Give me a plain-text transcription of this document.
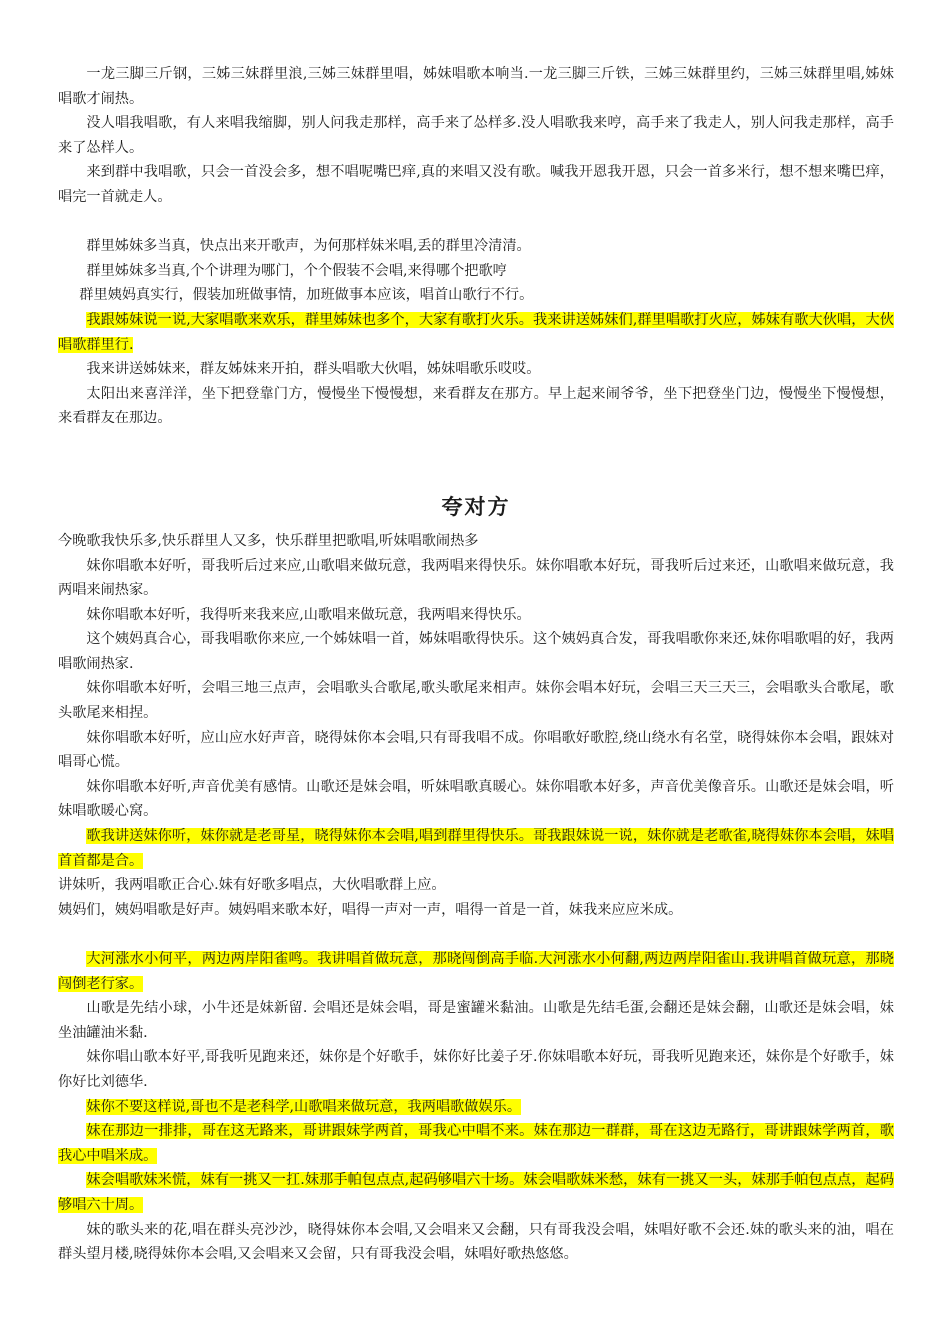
一龙三脚三斤钢，三姊三妹群里浪,三姊三妹群里唱，姊妹唱歌本响当.一龙三脚三斤铁，三姊三妹群里约，三姊三妹群里唱,姊妹唱歌才闹热。

没人唱我唱歌，有人来唱我缩脚，别人问我走那样，高手来了怂样多.没人唱歌我来哼，高手来了我走人，别人问我走那样，高手来了怂样人。

来到群中我唱歌，只会一首没会多，想不唱呢嘴巴痒,真的来唱又没有歌。喊我开恩我开恩，只会一首多米行，想不想来嘴巴痒，唱完一首就走人。

群里姊妹多当真，快点出来开歌声，为何那样妹米唱,丢的群里冷清清。

群里姊妹多当真,个个讲理为哪门，个个假装不会唱,来得哪个把歌哼

群里姨妈真实行，假装加班做事情，加班做事本应该，唱首山歌行不行。

我跟姊妹说一说,大家唱歌来欢乐，群里姊妹也多个，大家有歌打火乐。我来讲送姊妹们,群里唱歌打火应，姊妹有歌大伙唱，大伙唱歌群里行.

我来讲送姊妹来，群友姊妹来开拍，群头唱歌大伙唱，姊妹唱歌乐哎哎。

太阳出来喜洋洋，坐下把登靠门方，慢慢坐下慢慢想，来看群友在那方。早上起来闹爷爷，坐下把登坐门边，慢慢坐下慢慢想，来看群友在那边。

夸对方

今晚歌我快乐多,快乐群里人又多，快乐群里把歌唱,听妹唱歌闹热多

妹你唱歌本好听，哥我听后过来应,山歌唱来做玩意，我两唱来得快乐。妹你唱歌本好玩，哥我听后过来还，山歌唱来做玩意，我两唱来闹热家。

妹你唱歌本好听，我得听来我来应,山歌唱来做玩意，我两唱来得快乐。

这个姨妈真合心，哥我唱歌你来应,一个姊妹唱一首，姊妹唱歌得快乐。这个姨妈真合发，哥我唱歌你来还,妹你唱歌唱的好，我两唱歌闹热家.

妹你唱歌本好听，会唱三地三点声，会唱歌头合歌尾,歌头歌尾来相声。妹你会唱本好玩，会唱三天三天三，会唱歌头合歌尾，歌头歌尾来相捏。

妹你唱歌本好听，应山应水好声音，晓得妹你本会唱,只有哥我唱不成。你唱歌好歌腔,绕山绕水有名堂，晓得妹你本会唱，跟妹对唱哥心慌。

妹你唱歌本好听,声音优美有感情。山歌还是妹会唱，听妹唱歌真暖心。妹你唱歌本好多，声音优美像音乐。山歌还是妹会唱，听妹唱歌暖心窝。

歌我讲送妹你听，妹你就是老哥星，晓得妹你本会唱,唱到群里得快乐。哥我跟妹说一说，妹你就是老歌雀,晓得妹你本会唱，妹唱首首都是合。

讲妹听，我两唱歌正合心.妹有好歌多唱点，大伙唱歌群上应。

姨妈们，姨妈唱歌是好声。姨妈唱来歌本好，唱得一声对一声，唱得一首是一首，妹我来应应米成。

大河涨水小何平，两边两岸阳雀鸣。我讲唱首做玩意，那晓闯倒高手临.大河涨水小何翻,两边两岸阳雀山.我讲唱首做玩意，那晓闯倒老行家。

山歌是先结小球，小牛还是妹新留. 会唱还是妹会唱，哥是蜜罐米黏油。山歌是先结毛蛋,会翻还是妹会翻，山歌还是妹会唱，妹坐油罐油米黏.

妹你唱山歌本好平,哥我听见跑来还，妹你是个好歌手，妹你好比姜子牙.你妹唱歌本好玩，哥我听见跑来还，妹你是个好歌手，妹你好比刘德华.

妹你不要这样说,哥也不是老科学,山歌唱来做玩意，我两唱歌做娱乐。

妹在那边一排排，哥在这无路来，哥讲跟妹学两首，哥我心中唱不来。妹在那边一群群，哥在这边无路行，哥讲跟妹学两首，歌我心中唱米成。

妹会唱歌妹米慌，妹有一挑又一扛.妹那手帕包点点,起码够唱六十场。妹会唱歌妹米愁，妹有一挑又一头，妹那手帕包点点，起码够唱六十周。

妹的歌头来的花,唱在群头亮沙沙，晓得妹你本会唱,又会唱来又会翻，只有哥我没会唱，妹唱好歌不会还.妹的歌头来的油，唱在群头望月楼,晓得妹你本会唱,又会唱来又会留，只有哥我没会唱，妹唱好歌热悠悠。
